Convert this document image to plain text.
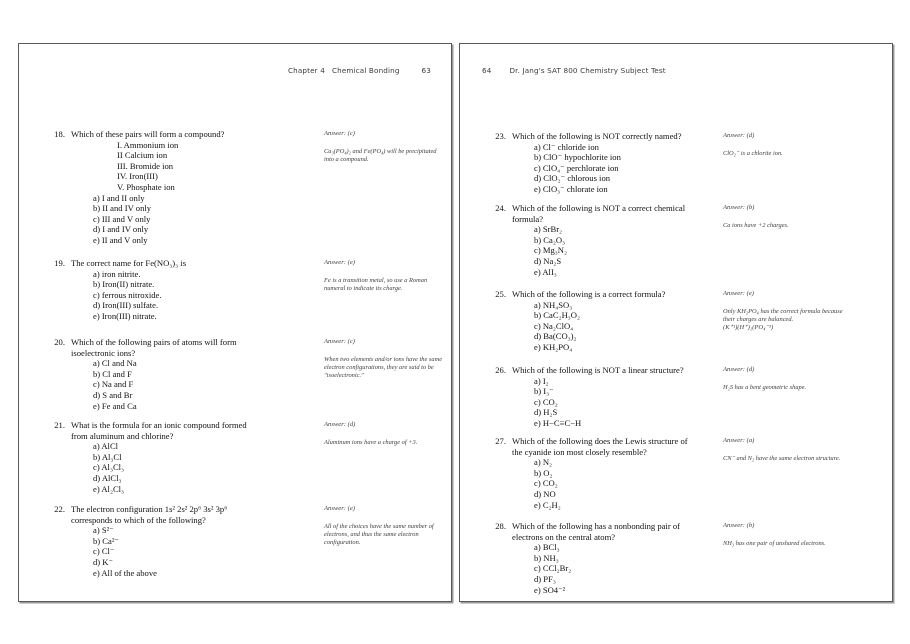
Chapter 4 Chemical Bonding	63
18. Which of these pairs will form a compound?
I. Ammonium ion
II Calcium ion
III. Bromide ion
IV. Iron(III)
V. Phosphate ion
a) I and II only
b) II and IV only
c) III and V only
d) I and IV only
e) II and V only
Answer: (c)
Ca₃(PO₄)₂ and Fe(PO₄) will be precipitated into a compound.
19. The correct name for Fe(NO₃)₃ is
a) iron nitrite.
b) Iron(II) nitrate.
c) ferrous nitroxide.
d) Iron(III) sulfate.
e) Iron(III) nitrate.
Answer: (e)
Fe is a transition metal, so use a Roman numeral to indicate its charge.
20. Which of the following pairs of atoms will form
isoelectronic ions?
a) Cl and Na
b) Cl and F
c) Na and F
d) S and Br
e) Fe and Ca
Answer: (c)
When two elements and/or ions have the same electron configurations, they are said to be "isoelectronic."
21. What is the formula for an ionic compound formed
from aluminum and chlorine?
a) AlCl
b) Al₃Cl
c) Al₃Cl₃
d) AlCl₃
e) Al₂Cl₃
Answer: (d)
Aluminum ions have a charge of +3.
22. The electron configuration 1s² 2s² 2p⁶ 3s² 3p⁶
corresponds to which of the following?
a) S²⁻
b) Ca²⁻
c) Cl⁻
d) K⁻
e) All of the above
Answer: (e)
All of the choices have the same number of electrons, and thus the same electron configuration.
64	Dr. Jang's SAT 800 Chemistry Subject Test
23. Which of the following is NOT correctly named?
a) Cl⁻ chloride ion
b) ClO⁻ hypochlorite ion
c) ClO₄⁻ perchlorate ion
d) ClO₂⁻ chlorous ion
e) ClO₃⁻ chlorate ion
Answer: (d)
ClO₂⁻ is a chlorite ion.
24. Which of the following is NOT a correct chemical
formula?
a) SrBr₂
b) Ca₂O₃
c) Mg₃N₂
d) Na₂S
e) AlI₃
Answer: (b)
Ca ions have +2 charges.
25. Which of the following is a correct formula?
a) NH₄SO₃
b) CaC₂H₃O₂
c) Na₂ClO₄
d) Ba(CO₃)₂
e) KH₂PO₄
Answer: (e)
Only KH₂PO₄ has the correct formula because their charges are balanced.
(K⁺¹)(H⁺)₂(PO₄⁻³)
26. Which of the following is NOT a linear structure?
a) I₂
b) I₃⁻
c) CO₂
d) H₂S
e) H−C≡C−H
Answer: (d)
H₂S has a bent geometric shape.
27. Which of the following does the Lewis structure of
the cyanide ion most closely resemble?
a) N₂
b) O₂
c) CO₂
d) NO
e) C₂H₂
Answer: (a)
CN⁻ and N₂ have the same electron structure.
28. Which of the following has a nonbonding pair of
electrons on the central atom?
a) BCl₃
b) NH₃
c) CCl₂Br₂
d) PF₃
e) SO4⁻²
Answer: (b)
NH₃ has one pair of unshared electrons.
